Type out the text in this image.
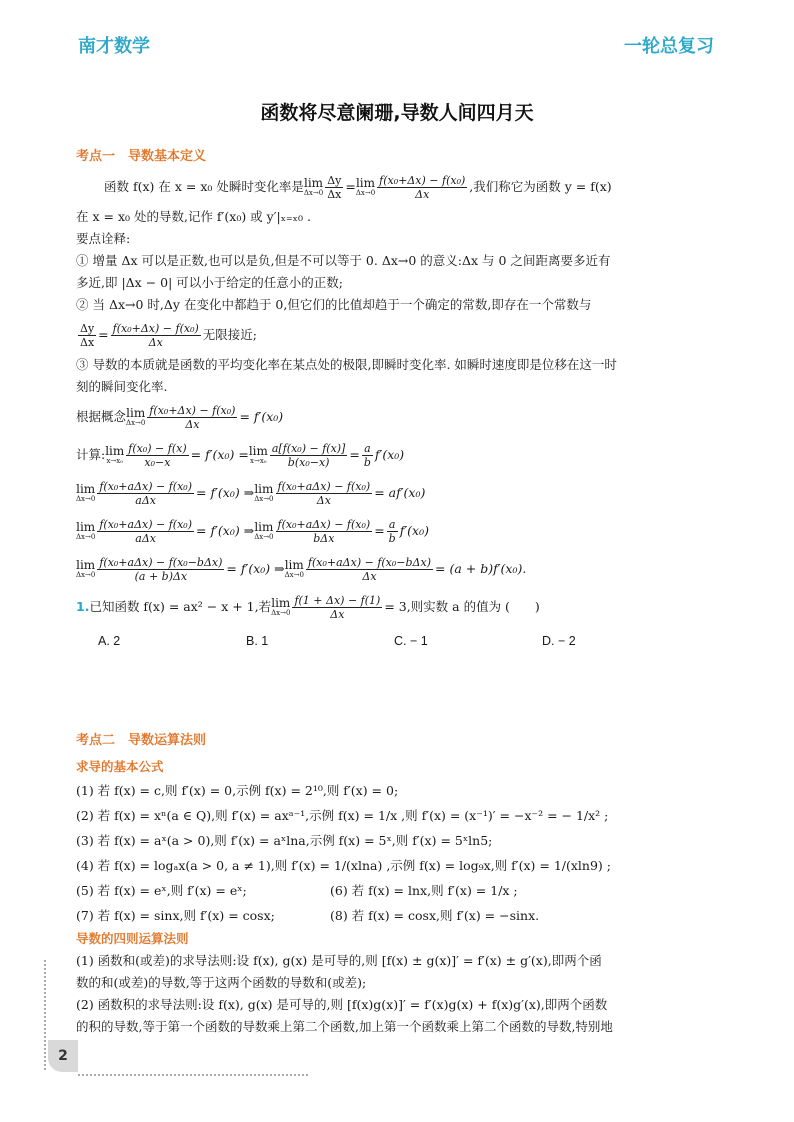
南才数学	一轮总复习
函数将尽意阑珊,导数人间四月天

考点一　导数基本定义

函数 f(x) 在 x = x₀ 处瞬时变化率是 lim
$\Delta x\to 0 \frac{\Delta y}{\Delta x} = \lim$
$\Delta x\to 0 \frac{\text{f(x₀+Δx) − f(x₀)}}{\Delta x}$ ,我们称它为函数 y = f(x)

在 x = x₀ 处的导数,记作 f′(x₀) 或 y′|ₓ₌ₓ₀ .

要点诠释:

① 增量 Δx 可以是正数,也可以是负,但是不可以等于 0. Δx→0 的意义:Δx 与 0 之间距离要多近有

多近,即 |Δx − 0| 可以小于给定的任意小的正数;

② 当 Δx→0 时,Δy 在变化中都趋于 0,但它们的比值却趋于一个确定的常数,即存在一个常数与

$\frac{\Delta y}{\Delta x} = \frac{\text{f(x₀+Δx) − f(x₀)}}{\Delta x}$ 无限接近;

③ 导数的本质就是函数的平均变化率在某点处的极限,即瞬时变化率. 如瞬时速度即是位移在这一时

刻的瞬间变化率.

根据概念 lim
$\Delta x\to 0 \frac{\text{f(x₀+Δx) − f(x₀)}}{\Delta x} = f'(x_0)$
计算: lim
$x\to x_0 \frac{\text{f(x₀) − f(x)}}{\text{x₀−x}} = f'(x_0) = \lim$
$x\to x_0 \frac{\text{a[f(x₀) − f(x)]}}{\text{b(x₀−x)}} = \frac{a}{b} f'(x_0)$
lim
$\Delta x\to 0 \frac{\text{f(x₀+aΔx) − f(x₀)}}{\text{aΔx}} = f'(x_0)$ ⇒ lim
$\Delta x\to 0 \frac{\text{f(x₀+aΔx) − f(x₀)}}{\Delta x} = af'(x_0)$
lim
$\Delta x\to 0 \frac{\text{f(x₀+aΔx) − f(x₀)}}{\text{aΔx}} = f'(x_0)$ ⇒ lim
$\Delta x\to 0 \frac{\text{f(x₀+aΔx) − f(x₀)}}{\text{bΔx}} = \frac{a}{b} f'(x_0)$
lim
$\Delta x\to 0 \frac{\text{f(x₀+aΔx) − f(x₀−bΔx)}}{(a + b)\Delta x} = f'(x_0)$ ⇒ lim
$\Delta x\to 0 \frac{\text{f(x₀+aΔx) − f(x₀−bΔx)}}{\Delta x} = (a + b)f'(x_0)$.
1. 已知函数 f(x) = ax² − x + 1,若 lim
$\Delta x\to 0 \frac{f(1 + \Delta x) - f(1)}{\Delta x} = 3$,则实数 a 的值为 (　　)
A. 2	B. 1	C. − 1	D. − 2

考点二　导数运算法则

求导的基本公式

(1) 若 f(x) = c,则 f′(x) = 0,示例 f(x) = 2¹⁰,则 f′(x) = 0;

(2) 若 f(x) = xⁿ(a ∈ Q),则 f′(x) = axᵃ⁻¹,示例 f(x) = 1/x ,则 f′(x) = (x⁻¹)′ = −x⁻² = − 1/x² ;

(3) 若 f(x) = aˣ(a > 0),则 f′(x) = aˣlna,示例 f(x) = 5ˣ,则 f′(x) = 5ˣln5;

(4) 若 f(x) = logₐx(a > 0, a ≠ 1),则 f′(x) = 1/(xlna) ,示例 f(x) = log₉x,则 f′(x) = 1/(xln9) ;

(5) 若 f(x) = eˣ,则 f′(x) = eˣ;	(6) 若 f(x) = lnx,则 f′(x) = 1/x ;
(7) 若 f(x) = sinx,则 f′(x) = cosx;	(8) 若 f(x) = cosx,则 f′(x) = −sinx.

导数的四则运算法则

(1) 函数和(或差)的求导法则:设 f(x), g(x) 是可导的,则 [f(x) ± g(x)]′ = f′(x) ± g′(x),即两个函

数的和(或差)的导数,等于这两个函数的导数和(或差);

(2) 函数积的求导法则:设 f(x), g(x) 是可导的,则 [f(x)g(x)]′ = f′(x)g(x) + f(x)g′(x),即两个函数

的积的导数,等于第一个函数的导数乘上第二个函数,加上第一个函数乘上第二个函数的导数,特别地

2
